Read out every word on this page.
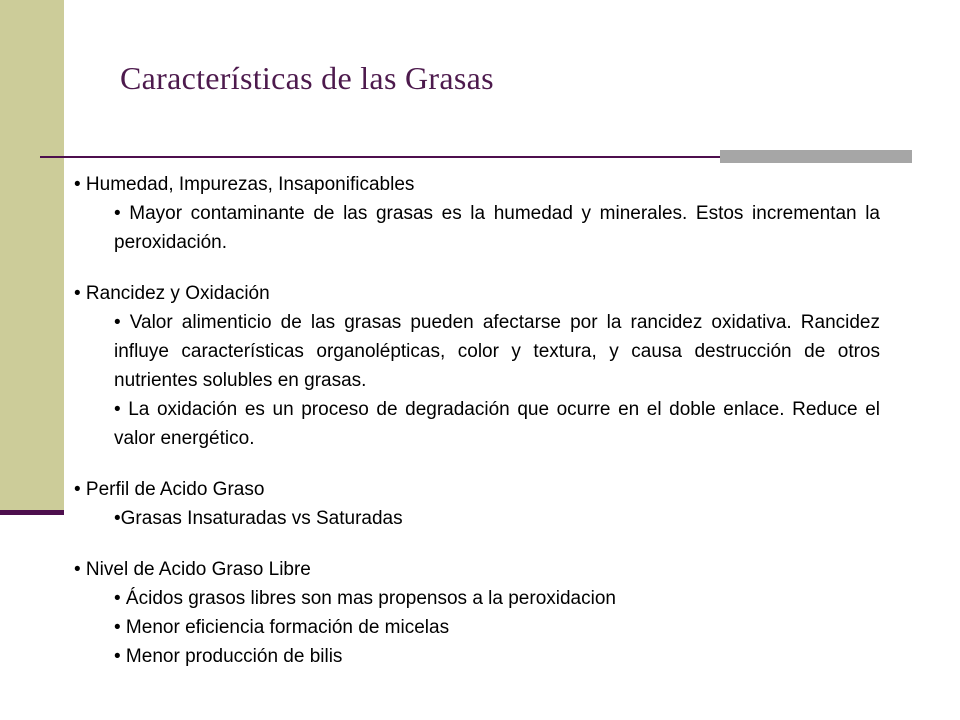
Características de las Grasas

• Humedad, Impurezas, Insaponificables

• Mayor contaminante de las grasas es la humedad y minerales. Estos incrementan la peroxidación.

• Rancidez y Oxidación

• Valor alimenticio de las grasas pueden afectarse por la rancidez oxidativa. Rancidez influye características organolépticas, color y textura, y causa destrucción de otros nutrientes solubles en grasas.

• La oxidación es un proceso de degradación que ocurre en el doble enlace. Reduce el valor energético.

• Perfil de Acido Graso

•Grasas Insaturadas vs Saturadas

• Nivel de Acido Graso Libre

• Ácidos grasos libres son mas propensos a la peroxidacion

• Menor eficiencia formación de micelas

• Menor producción de bilis
